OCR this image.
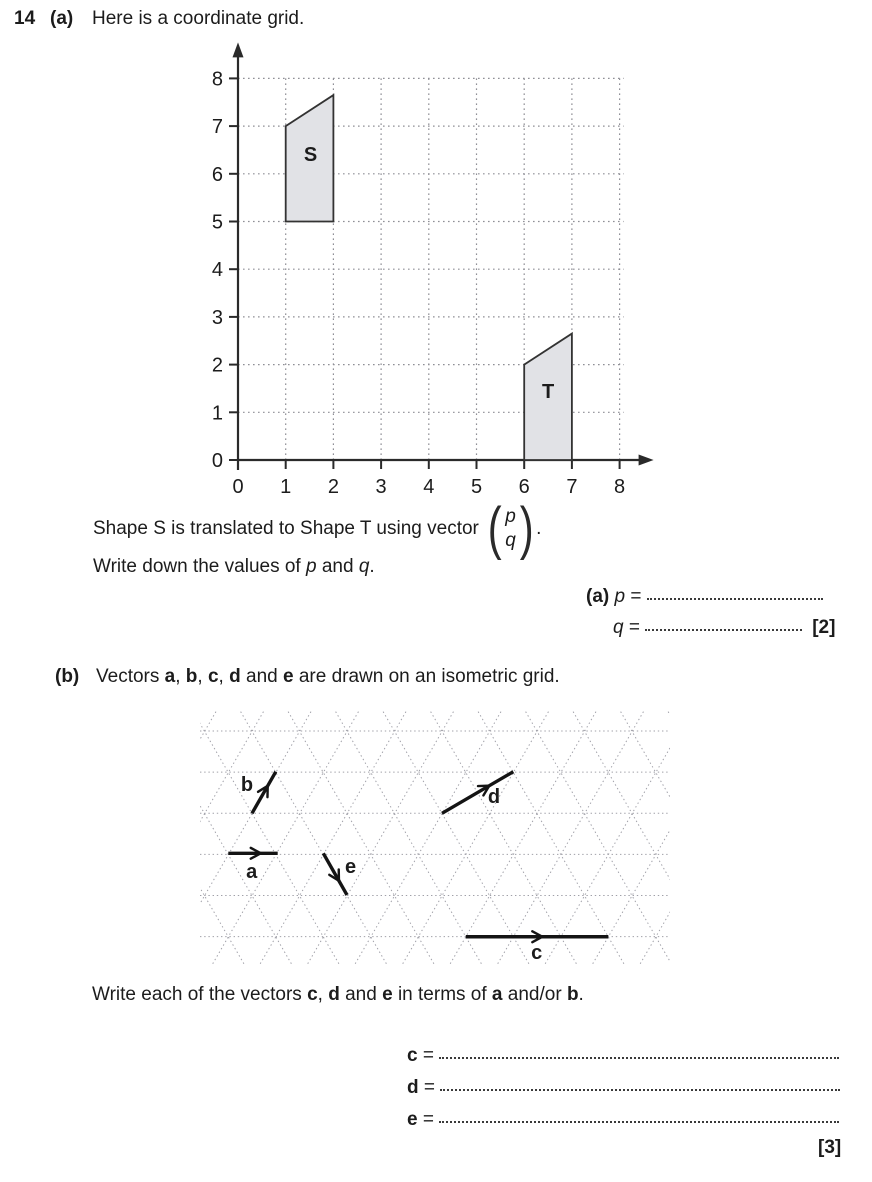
14 (a) Here is a coordinate grid.
0 1 2 3 4 5 6 7 8
0
1
2
3
4
5
6
7
8
S
T
Shape S is translated to Shape T using vector ( p
q ) .
Write down the values of p and q.
(a) p =
q =	[2]
(b) Vectors a, b, c, d and e are drawn on an isometric grid.
a
b
c
d
e
Write each of the vectors c, d and e in terms of a and/or b.
c =
d =
e =
[3]
